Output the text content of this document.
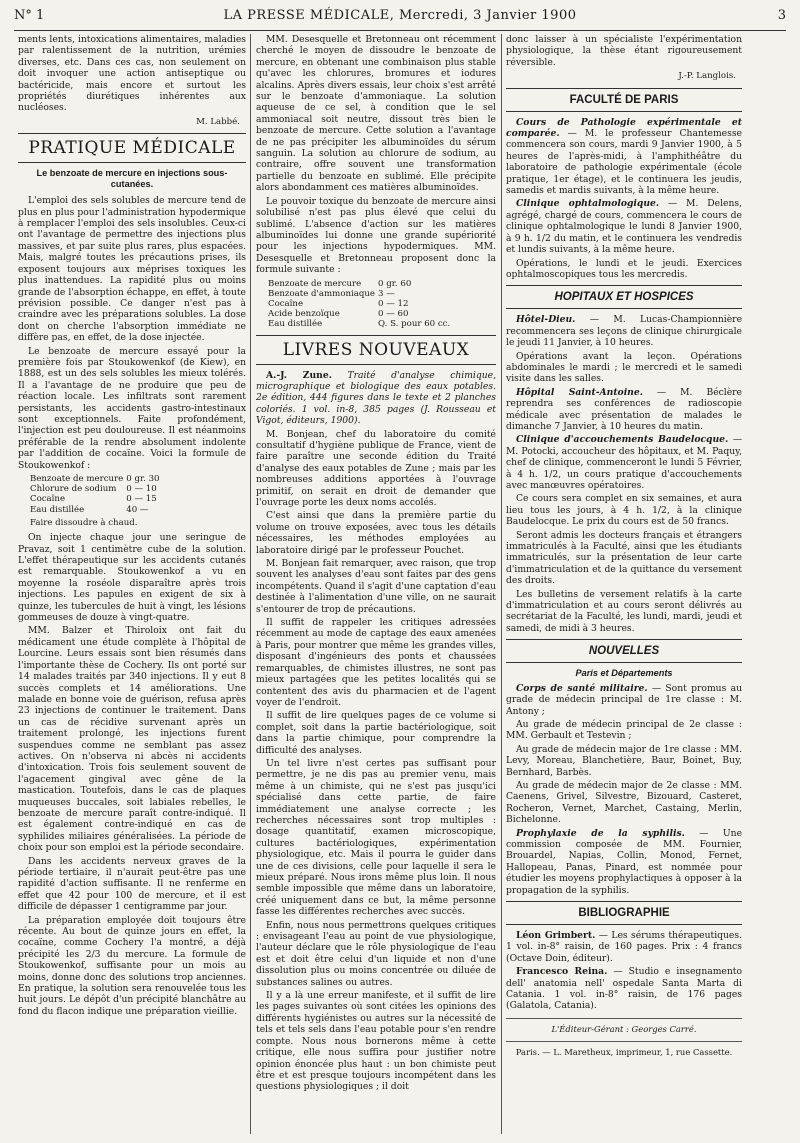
N° 1	LA PRESSE MÉDICALE, Mercredi, 3 Janvier 1900	3

ments lents, intoxications alimentaires, maladies par ralentissement de la nutrition, urémies diverses, etc. Dans ces cas, non seulement on doit invoquer une action antiseptique ou bactéricide, mais encore et surtout les propriétés diurétiques inhérentes aux nucléoses.

M. Labbé.
PRATIQUE MÉDICALE
Le benzoate de mercure en injections sous-cutanées.

L'emploi des sels solubles de mercure tend de plus en plus pour l'administration hypodermique à remplacer l'emploi des sels insolubles. Ceux-ci ont l'avantage de permettre des injections plus massives, et par suite plus rares, plus espacées. Mais, malgré toutes les précautions prises, ils exposent toujours aux méprises toxiques les plus inattendues. La rapidité plus ou moins grande de l'absorption échappe, en effet, à toute prévision possible. Ce danger n'est pas à craindre avec les préparations solubles. La dose dont on cherche l'absorption immédiate ne diffère pas, en effet, de la dose injectée.

Le benzoate de mercure essayé pour la première fois par Stoukowenkof (de Kiew), en 1888, est un des sels solubles les mieux tolérés. Il a l'avantage de ne produire que peu de réaction locale. Les infiltrats sont rarement persistants, les accidents gastro-intestinaux sont exceptionnels. Faite profondément, l'injection est peu douloureuse. Il est néanmoins préférable de la rendre absolument indolente par l'addition de cocaïne. Voici la formule de Stoukowenkof :

Benzoate de mercure	0 gr. 30
Chlorure de sodium	0 — 10
Cocaïne	0 — 15
Eau distillée	40 —
Faire dissoudre à chaud.

On injecte chaque jour une seringue de Pravaz, soit 1 centimètre cube de la solution. L'effet thérapeutique sur les accidents cutanés est remarquable. Stoukowenkof a vu en moyenne la roséole disparaître après trois injections. Les papules en exigent de six à quinze, les tubercules de huit à vingt, les lésions gommeuses de douze à vingt-quatre.

MM. Balzer et Thiroloix ont fait du médicament une étude complète à l'hôpital de Lourcine. Leurs essais sont bien résumés dans l'importante thèse de Cochery. Ils ont porté sur 14 malades traités par 340 injections. Il y eut 8 succès complets et 14 améliorations. Une malade en bonne voie de guérison, refusa après 23 injections de continuer le traitement. Dans un cas de récidive survenant après un traitement prolongé, les injections furent suspendues comme ne semblant pas assez actives. On n'observa ni abcès ni accidents d'intoxication. Trois fois seulement souvent de l'agacement gingival avec gêne de la mastication. Toutefois, dans le cas de plaques muqueuses buccales, soit labiales rebelles, le benzoate de mercure paraît contre-indiqué. Il est également contre-indiqué en cas de syphilides miliaires généralisées. La période de choix pour son emploi est la période secondaire.

Dans les accidents nerveux graves de la période tertiaire, il n'aurait peut-être pas une rapidité d'action suffisante. Il ne renferme en effet que 42 pour 100 de mercure, et il est difficile de dépasser 1 centigramme par jour.

La préparation employée doit toujours être récente. Au bout de quinze jours en effet, la cocaïne, comme Cochery l'a montré, a déjà précipité les 2/3 du mercure. La formule de Stoukowenkof, suffisante pour un mois au moins, donne donc des solutions trop anciennes. En pratique, la solution sera renouvelée tous les huit jours. Le dépôt d'un précipité blanchâtre au fond du flacon indique une préparation vieillie.

MM. Desesquelle et Bretonneau ont récemment cherché le moyen de dissoudre le benzoate de mercure, en obtenant une combinaison plus stable qu'avec les chlorures, bromures et iodures alcalins. Après divers essais, leur choix s'est arrêté sur le benzoate d'ammoniaque. La solution aqueuse de ce sel, à condition que le sel ammoniacal soit neutre, dissout très bien le benzoate de mercure. Cette solution a l'avantage de ne pas précipiter les albuminoïdes du sérum sanguin. La solution au chlorure de sodium, au contraire, offre souvent une transformation partielle du benzoate en sublimé. Elle précipite alors abondamment ces matières albuminoïdes.

Le pouvoir toxique du benzoate de mercure ainsi solubilisé n'est pas plus élevé que celui du sublimé. L'absence d'action sur les matières albuminoïdes lui donne une grande supériorité pour les injections hypodermiques. MM. Desesquelle et Bretonneau proposent donc la formule suivante :

Benzoate de mercure	0 gr. 60
Benzoate d'ammoniaque	3 —
Cocaïne	0 — 12
Acide benzoïque	0 — 60
Eau distillée	Q. S. pour 60 cc.
LIVRES NOUVEAUX

A.-J. Zune. Traité d'analyse chimique, micrographique et biologique des eaux potables. 2e édition, 444 figures dans le texte et 2 planches coloriés. 1 vol. in-8, 385 pages (J. Rousseau et Vigot, éditeurs, 1900).

M. Bonjean, chef du laboratoire du comité consultatif d'hygiène publique de France, vient de faire paraître une seconde édition du Traité d'analyse des eaux potables de Zune ; mais par les nombreuses additions apportées à l'ouvrage primitif, on serait en droit de demander que l'ouvrage porte les deux noms accolés.

C'est ainsi que dans la première partie du volume on trouve exposées, avec tous les détails nécessaires, les méthodes employées au laboratoire dirigé par le professeur Pouchet.

M. Bonjean fait remarquer, avec raison, que trop souvent les analyses d'eau sont faites par des gens incompétents. Quand il s'agit d'une captation d'eau destinée à l'alimentation d'une ville, on ne saurait s'entourer de trop de précautions.

Il suffit de rappeler les critiques adressées récemment au mode de captage des eaux amenées à Paris, pour montrer que même les grandes villes, disposant d'ingénieurs des ponts et chaussées remarquables, de chimistes illustres, ne sont pas mieux partagées que les petites localités qui se contentent des avis du pharmacien et de l'agent voyer de l'endroit.

Il suffit de lire quelques pages de ce volume si complet, soit dans la partie bactériologique, soit dans la partie chimique, pour comprendre la difficulté des analyses.

Un tel livre n'est certes pas suffisant pour permettre, je ne dis pas au premier venu, mais même à un chimiste, qui ne s'est pas jusqu'ici spécialisé dans cette partie, de faire immédiatement une analyse correcte ; les recherches nécessaires sont trop multiples : dosage quantitatif, examen microscopique, cultures bactériologiques, expérimentation physiologique, etc. Mais il pourra le guider dans une de ces divisions, celle pour laquelle il sera le mieux préparé. Nous irons même plus loin. Il nous semble impossible que même dans un laboratoire, créé uniquement dans ce but, la même personne fasse les différentes recherches avec succès.

Enfin, nous nous permettrons quelques critiques : envisageant l'eau au point de vue physiologique, l'auteur déclare que le rôle physiologique de l'eau est et doit être celui d'un liquide et non d'une dissolution plus ou moins concentrée ou diluée de substances salines ou autres.

Il y a là une erreur manifeste, et il suffit de lire les pages suivantes où sont citées les opinions des différents hygiénistes ou autres sur la nécessité de tels et tels sels dans l'eau potable pour s'en rendre compte. Nous nous bornerons même à cette critique, elle nous suffira pour justifier notre opinion énoncée plus haut : un bon chimiste peut être et est presque toujours incompétent dans les questions physiologiques ; il doit

donc laisser à un spécialiste l'expérimentation physiologique, la thèse étant rigoureusement réversible.

J.-P. Langlois.
FACULTÉ DE PARIS

Cours de Pathologie expérimentale et comparée. — M. le professeur Chantemesse commencera son cours, mardi 9 Janvier 1900, à 5 heures de l'après-midi, à l'amphithéâtre du laboratoire de pathologie expérimentale (école pratique, 1er étage), et le continuera les jeudis, samedis et mardis suivants, à la même heure.

Clinique ophtalmologique. — M. Delens, agrégé, chargé de cours, commencera le cours de clinique ophtalmologique le lundi 8 Janvier 1900, à 9 h. 1/2 du matin, et le continuera les vendredis et lundis suivants, à la même heure.

Opérations, le lundi et le jeudi. Exercices ophtalmoscopiques tous les mercredis.

HOPITAUX ET HOSPICES

Hôtel-Dieu. — M. Lucas-Championnière recommencera ses leçons de clinique chirurgicale le jeudi 11 Janvier, à 10 heures.

Opérations avant la leçon. Opérations abdominales le mardi ; le mercredi et le samedi visite dans les salles.

Hôpital Saint-Antoine. — M. Béclère reprendra ses conférences de radioscopie médicale avec présentation de malades le dimanche 7 Janvier, à 10 heures du matin.

Clinique d'accouchements Baudelocque. — M. Potocki, accoucheur des hôpitaux, et M. Paquy, chef de clinique, commenceront le lundi 5 Février, à 4 h. 1/2, un cours pratique d'accouchements avec manœuvres opératoires.

Ce cours sera complet en six semaines, et aura lieu tous les jours, à 4 h. 1/2, à la clinique Baudelocque. Le prix du cours est de 50 francs.

Seront admis les docteurs français et étrangers immatriculés à la Faculté, ainsi que les étudiants immatriculés, sur la présentation de leur carte d'immatriculation et de la quittance du versement des droits.

Les bulletins de versement relatifs à la carte d'immatriculation et au cours seront délivrés au secrétariat de la Faculté, les lundi, mardi, jeudi et samedi, de midi à 3 heures.

NOUVELLES
Paris et Départements

Corps de santé militaire. — Sont promus au grade de médecin principal de 1re classe : M. Antony ;

Au grade de médecin principal de 2e classe : MM. Gerbault et Testevin ;

Au grade de médecin major de 1re classe : MM. Levy, Moreau, Blanchetière, Baur, Boinet, Buy, Bernhard, Barbès.

Au grade de médecin major de 2e classe : MM. Caenens, Grivel, Silvestre, Bizouard, Casteret, Rocheron, Vernet, Marchet, Castaing, Merlin, Bichelonne.

Prophylaxie de la syphilis. — Une commission composée de MM. Fournier, Brouardel, Napias, Collin, Monod, Fernet, Hallopeau, Panas, Pinard, est nommée pour étudier les moyens prophylactiques à opposer à la propagation de la syphilis.

BIBLIOGRAPHIE

Léon Grimbert. — Les sérums thérapeutiques. 1 vol. in-8° raisin, de 160 pages. Prix : 4 francs (Octave Doin, éditeur).

Francesco Reina. — Studio e insegnamento dell' anatomia nell' ospedale Santa Marta di Catania. 1 vol. in-8° raisin, de 176 pages (Galatola, Catania).

L'Éditeur-Gérant : Georges Carré.
Paris. — L. Maretheux, imprimeur, 1, rue Cassette.
